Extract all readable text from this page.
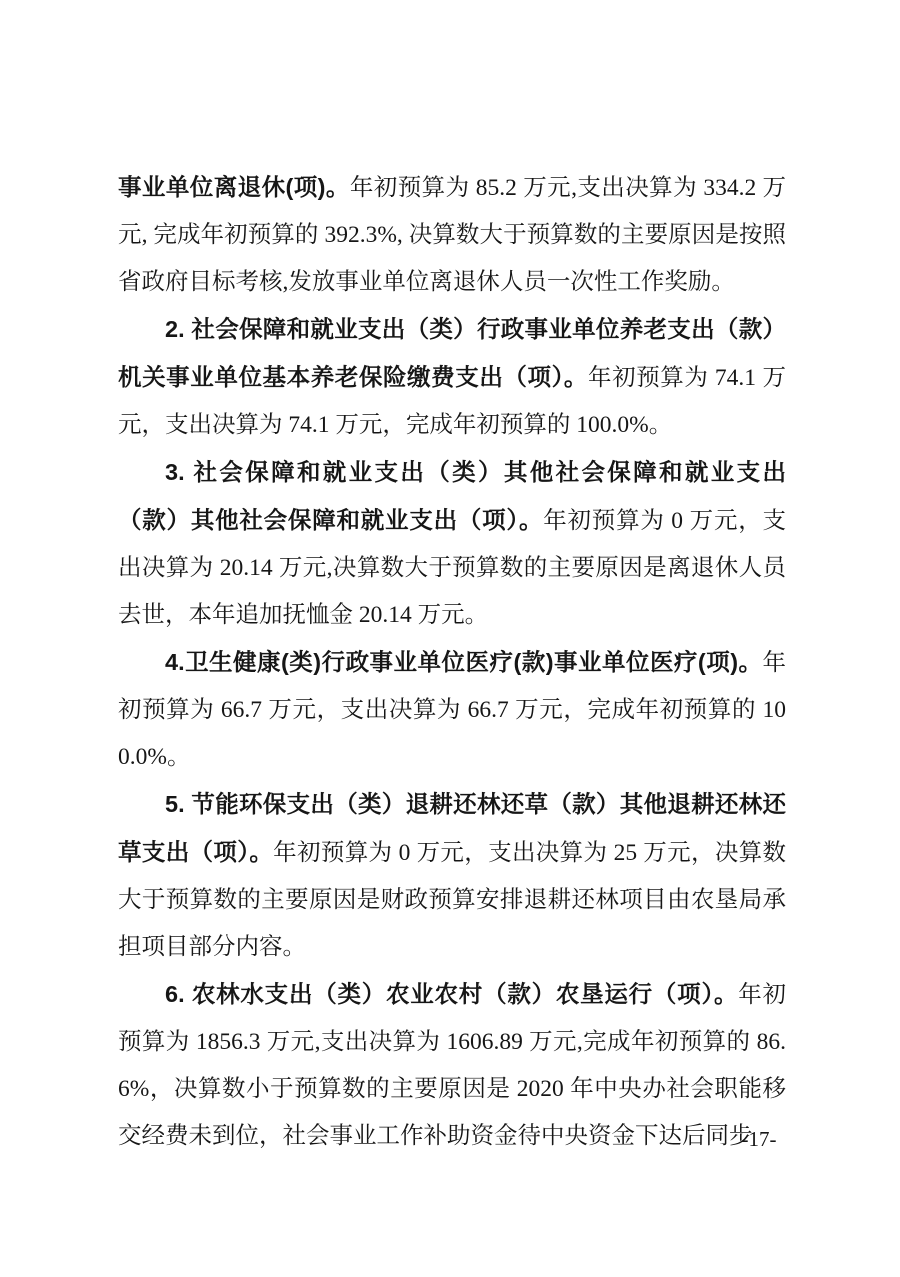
事业单位离退休(项)。年初预算为 85.2 万元,支出决算为 334.2 万元, 完成年初预算的 392.3%, 决算数大于预算数的主要原因是按照省政府目标考核,发放事业单位离退休人员一次性工作奖励。

2. 社会保障和就业支出（类）行政事业单位养老支出（款）机关事业单位基本养老保险缴费支出（项）。年初预算为 74.1 万元，支出决算为 74.1 万元，完成年初预算的 100.0%。

3. 社会保障和就业支出（类）其他社会保障和就业支出（款）其他社会保障和就业支出（项）。年初预算为 0 万元，支出决算为 20.14 万元,决算数大于预算数的主要原因是离退休人员去世，本年追加抚恤金 20.14 万元。

4.卫生健康(类)行政事业单位医疗(款)事业单位医疗(项)。年初预算为 66.7 万元，支出决算为 66.7 万元，完成年初预算的 100.0%。

5. 节能环保支出（类）退耕还林还草（款）其他退耕还林还草支出（项）。年初预算为 0 万元，支出决算为 25 万元，决算数大于预算数的主要原因是财政预算安排退耕还林项目由农垦局承担项目部分内容。

6. 农林水支出（类）农业农村（款）农垦运行（项）。年初预算为 1856.3 万元,支出决算为 1606.89 万元,完成年初预算的 86.6%，决算数小于预算数的主要原因是 2020 年中央办社会职能移交经费未到位，社会事业工作补助资金待中央资金下达后同步

-17-
